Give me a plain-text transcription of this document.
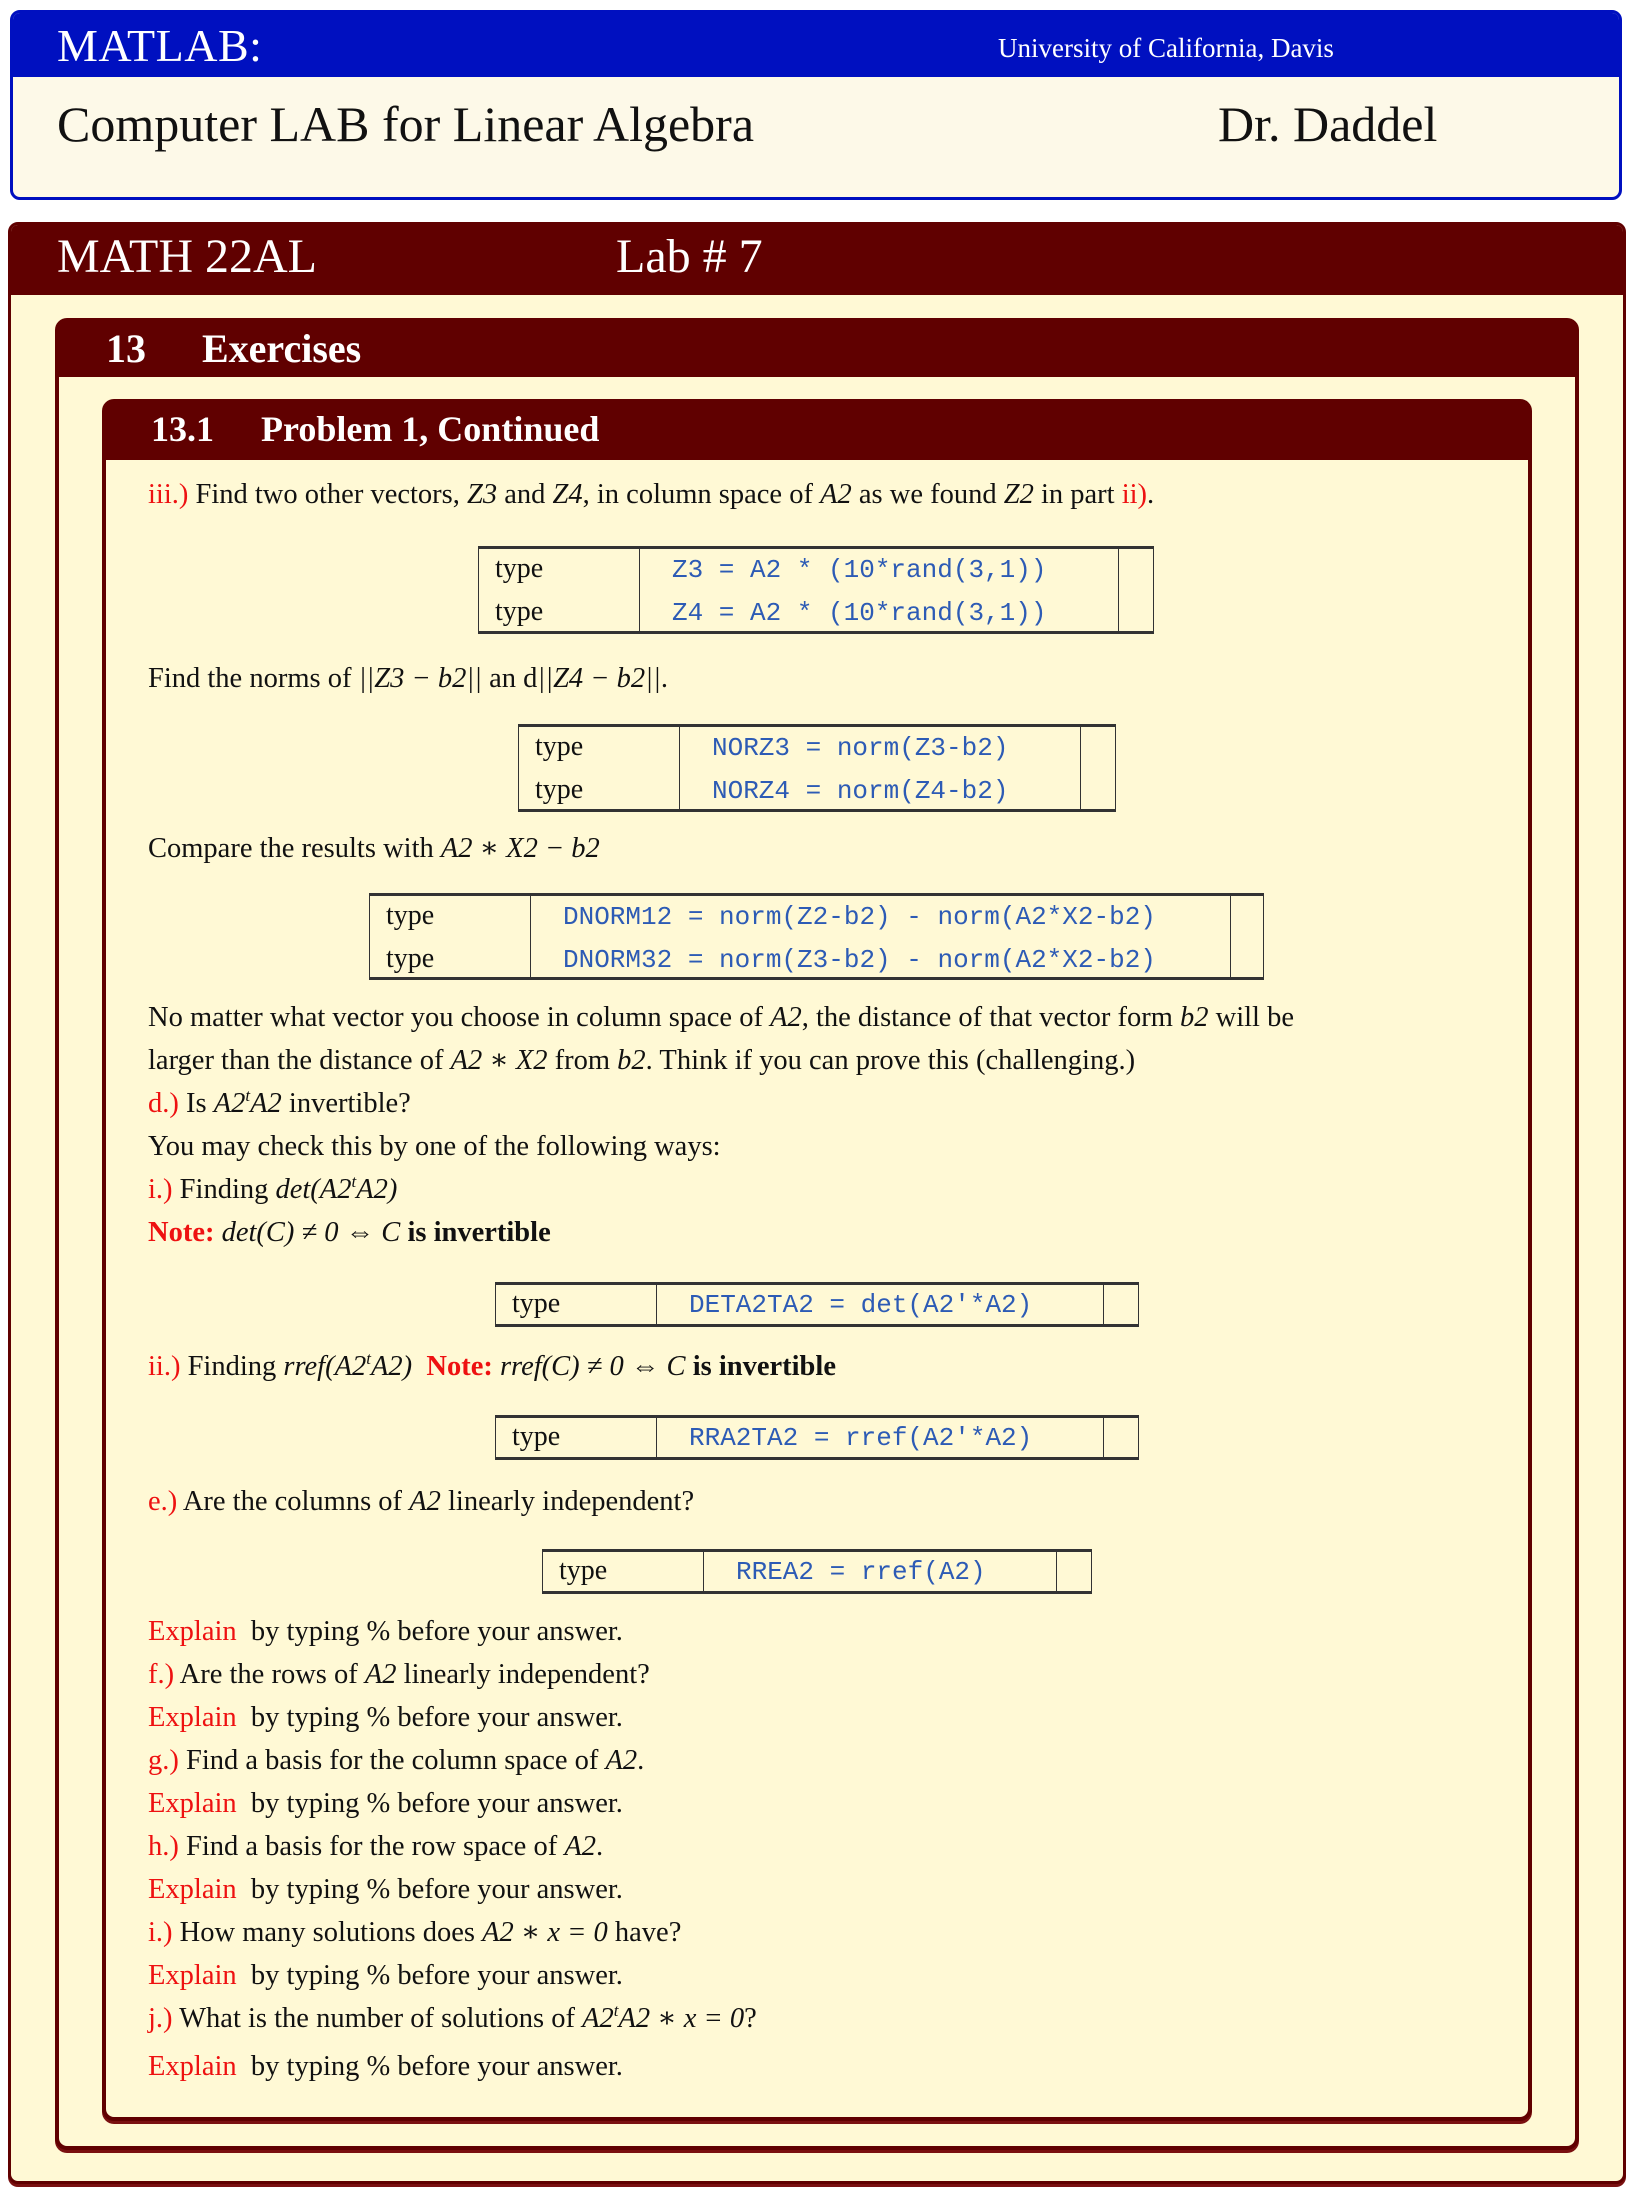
MATLAB:	University of California, Davis
Computer LAB for Linear Algebra	Dr. Daddel
MATH 22AL	Lab # 7
13 Exercises
13.1 Problem 1, Continued
iii.) Find two other vectors, Z3 and Z4, in column space of A2 as we found Z2 in part ii).
type	Z3 = A2 * (10*rand(3,1))
type	Z4 = A2 * (10*rand(3,1))
Find the norms of ||Z3 − b2|| an d||Z4 − b2||.
type	NORZ3 = norm(Z3-b2)
type	NORZ4 = norm(Z4-b2)
Compare the results with A2 ∗ X2 − b2
type	DNORM12 = norm(Z2-b2) - norm(A2*X2-b2)
type	DNORM32 = norm(Z3-b2) - norm(A2*X2-b2)
No matter what vector you choose in column space of A2, the distance of that vector form b2 will be
larger than the distance of A2 ∗ X2 from b2. Think if you can prove this (challenging.)
d.) Is A2$^t$A2 invertible?
You may check this by one of the following ways:
i.) Finding det(A2$^t$A2)
Note: det(C) ≠ 0 ⇔ C is invertible
type	DETA2TA2 = det(A2'*A2)
ii.) Finding rref(A2$^t$A2) Note: rref(C) ≠ 0 ⇔ C is invertible
type	RRA2TA2 = rref(A2'*A2)
e.) Are the columns of A2 linearly independent?
type	RREA2 = rref(A2)
Explain  by typing % before your answer.
f.) Are the rows of A2 linearly independent?
Explain  by typing % before your answer.
g.) Find a basis for the column space of A2.
Explain  by typing % before your answer.
h.) Find a basis for the row space of A2.
Explain  by typing % before your answer.
i.) How many solutions does A2 ∗ x = 0 have?
Explain  by typing % before your answer.
j.) What is the number of solutions of A2$^t$A2 ∗ x = 0?
Explain  by typing % before your answer.
